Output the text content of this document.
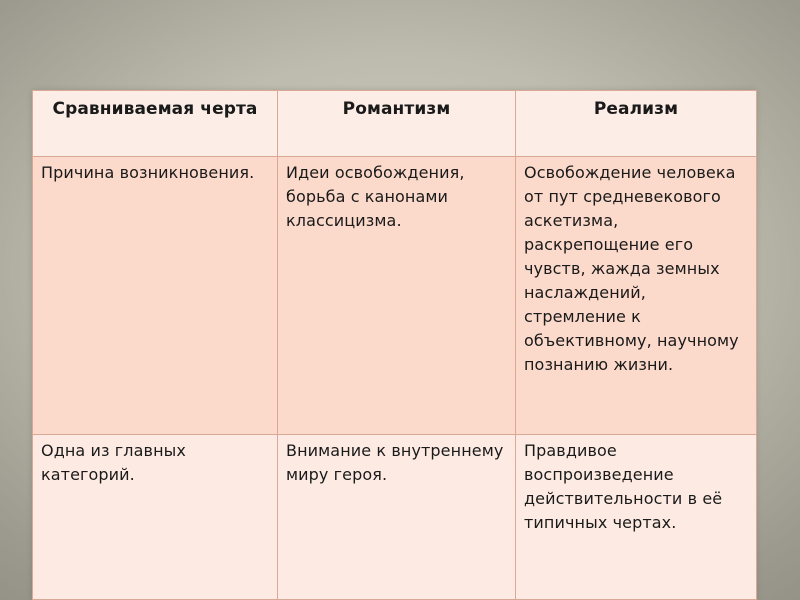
Сравниваемая черта	Романтизм	Реализм
Причина возникновения.	Идеи освобождения, борьба с канонами классицизма.	Освобождение человека от пут средневекового аскетизма, раскрепощение его чувств, жажда земных наслаждений, стремление к объективному, научному познанию жизни.
Одна из главных категорий.	Внимание к внутреннему миру героя.	Правдивое воспроизведение действительности в её типичных чертах.
